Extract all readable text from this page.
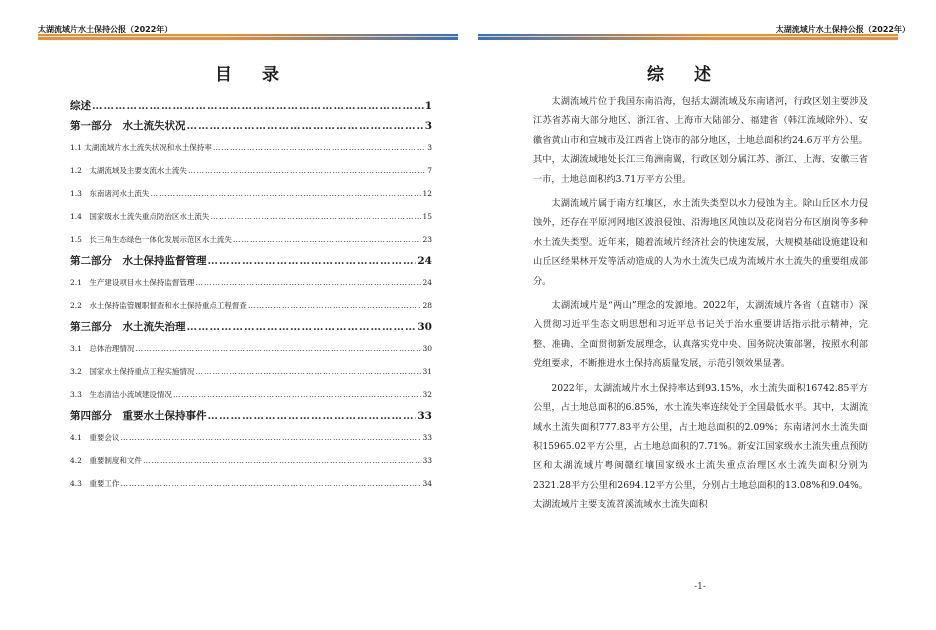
太湖流域片水土保持公报（2022年）	太湖流域片水土保持公报（2022年）
目 录
综述 …………………………………………………………………………………………………………………………………………………………	1
第一部分　水土流失状况 …………………………………………………………………………………………………………………………………………………………	3
1.1 太湖流域片水土流失状况和水土保持率 …………………………………………………………………………………………………………………………………………………………	3
1.2　太湖流域及主要支流水土流失 …………………………………………………………………………………………………………………………………………………………	7
1.3　东南诸河水土流失 …………………………………………………………………………………………………………………………………………………………	12
1.4　国家级水土流失重点防治区水土流失 …………………………………………………………………………………………………………………………………………………………	15
1.5　长三角生态绿色一体化发展示范区水土流失 …………………………………………………………………………………………………………………………………………………………	23
第二部分　水土保持监督管理 …………………………………………………………………………………………………………………………………………………………	24
2.1　生产建设项目水土保持监督管理 …………………………………………………………………………………………………………………………………………………………	24
2.2　水土保持监管履职督查和水土保持重点工程督查 …………………………………………………………………………………………………………………………………………………………	28
第三部分　水土流失治理 …………………………………………………………………………………………………………………………………………………………	30
3.1　总体治理情况 …………………………………………………………………………………………………………………………………………………………	30
3.2　国家水土保持重点工程实施情况 …………………………………………………………………………………………………………………………………………………………	31
3.3　生态清洁小流域建设情况 …………………………………………………………………………………………………………………………………………………………	32
第四部分　重要水土保持事件 …………………………………………………………………………………………………………………………………………………………	33
4.1　重要会议 …………………………………………………………………………………………………………………………………………………………	33
4.2　重要制度和文件 …………………………………………………………………………………………………………………………………………………………	33
4.3　重要工作 …………………………………………………………………………………………………………………………………………………………	34
综 述

太湖流域片位于我国东南沿海，包括太湖流域及东南诸河，行政区划主要涉及江苏省苏南大部分地区、浙江省、上海市大陆部分、福建省（韩江流域除外）、安徽省黄山市和宣城市及江西省上饶市的部分地区，土地总面积约24.6万平方公里。其中，太湖流域地处长江三角洲南翼，行政区划分属江苏、浙江、上海、安徽三省一市，土地总面积约3.71万平方公里。

太湖流域片属于南方红壤区，水土流失类型以水力侵蚀为主。除山丘区水力侵蚀外，还存在平原河网地区波浪侵蚀、沿海地区风蚀以及花岗岩分布区崩岗等多种水土流失类型。近年来，随着流域片经济社会的快速发展，大规模基础设施建设和山丘区经果林开发等活动造成的人为水土流失已成为流域片水土流失的重要组成部分。

太湖流域片是“两山”理念的发源地。2022年，太湖流域片各省（直辖市）深入贯彻习近平生态文明思想和习近平总书记关于治水重要讲话指示批示精神，完整、准确、全面贯彻新发展理念，认真落实党中央、国务院决策部署，按照水利部党组要求，不断推进水土保持高质量发展，示范引领效果显著。

2022年，太湖流域片水土保持率达到93.15%，水土流失面积16742.85平方公里，占土地总面积的6.85%，水土流失率连续处于全国最低水平。其中，太湖流域水土流失面积777.83平方公里，占土地总面积的2.09%；东南诸河水土流失面积15965.02平方公里，占土地总面积的7.71%。新安江国家级水土流失重点预防区和太湖流域片粤闽赣红壤国家级水土流失重点治理区水土流失面积分别为2321.28平方公里和2694.12平方公里，分别占土地总面积的13.08%和9.04%。太湖流域片主要支流苕溪流域水土流失面积

-1-
